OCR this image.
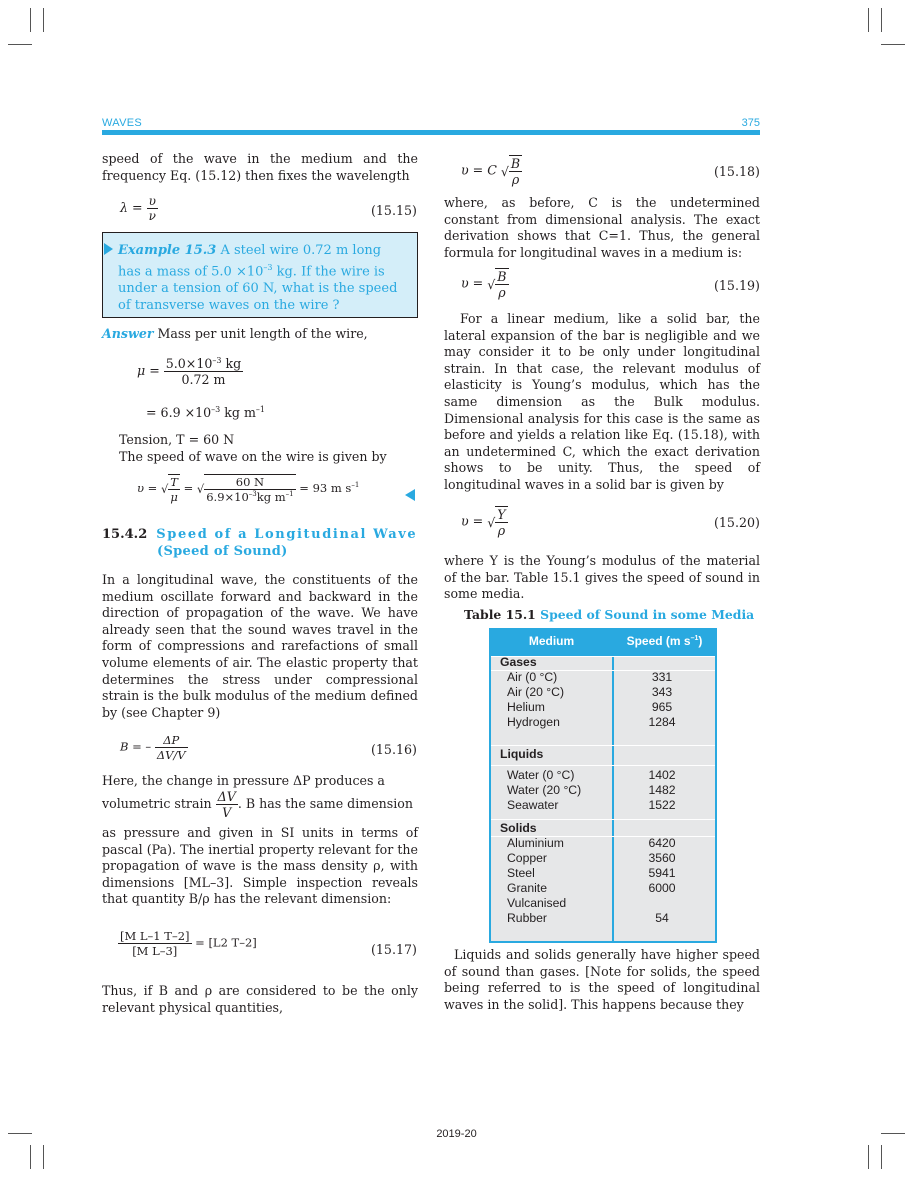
WAVES	375

speed of the wave in the medium and the frequency Eq. (15.12) then fixes the wavelength

$\lambda = \frac{\upsilon}{\nu}$	(15.15)
Example 15.3 A steel wire 0.72 m long has a mass of $5.0 \times 10^{-3}$ kg. If the wire is under a tension of 60 N, what is the speed of transverse waves on the wire ?

Answer Mass per unit length of the wire,

$\mu = \frac{5.0\times 10^{-3} kg}{0.72 m}$
= $6.9 \times 10^{-3}$ kg $m^{-1}$
Tension, T = 60 N
The speed of wave on the wire is given by
υ = √ $\frac{T}{\mu}$ = √ $\frac{60 N}{6.9\times 10^{-3}kg m^{-1}} = 93$ m $s^{-1}$
15.4.2 Speed of a Longitudinal Wave
(Speed of Sound)

In a longitudinal wave, the constituents of the medium oscillate forward and backward in the direction of propagation of the wave. We have already seen that the sound waves travel in the form of compressions and rarefactions of small volume elements of air. The elastic property that determines the stress under compressional strain is the bulk modulus of the medium defined by (see Chapter 9)

B = – $\frac{\Delta P}{\Delta V/V}$	(15.16)

Here, the change in pressure ΔP produces a

volumetric strain $\frac{\Delta V}{V}$ . B has the same dimension

as pressure and given in SI units in terms of pascal (Pa). The inertial property relevant for the propagation of wave is the mass density ρ, with dimensions [ML–3]. Simple inspection reveals that quantity B/ρ has the relevant dimension:

$\frac{\text{[M L–1 T–2]}}{\text{[M L–3]}} = [L2$ T–2]	(15.17)

Thus, if B and ρ are considered to be the only relevant physical quantities,

υ = C √ $\frac{B}{\rho}$	(15.18)

where, as before, C is the undetermined constant from dimensional analysis. The exact derivation shows that C=1. Thus, the general formula for longitudinal waves in a medium is:

υ = √ $\frac{B}{\rho}$	(15.19)

For a linear medium, like a solid bar, the lateral expansion of the bar is negligible and we may consider it to be only under longitudinal strain. In that case, the relevant modulus of elasticity is Young’s modulus, which has the same dimension as the Bulk modulus. Dimensional analysis for this case is the same as before and yields a relation like Eq. (15.18), with an undetermined C, which the exact derivation shows to be unity. Thus, the speed of longitudinal waves in a solid bar is given by

υ = √ $\frac{Y}{\rho}$	(15.20)

where Y is the Young’s modulus of the material of the bar. Table 15.1 gives the speed of sound in some media.

Table 15.1 Speed of Sound in some Media
Medium	Speed (m $s^{-1}$)
Gases
Air (0 °C)	331
Air (20 °C)	343
Helium	965
Hydrogen	1284
Liquids
Water (0 °C)	1402
Water (20 °C)	1482
Seawater	1522
Solids
Aluminium	6420
Copper	3560
Steel	5941
Granite	6000
Vulcanised
Rubber	54

Liquids and solids generally have higher speed of sound than gases. [Note for solids, the speed being referred to is the speed of longitudinal waves in the solid]. This happens because they

2019-20
